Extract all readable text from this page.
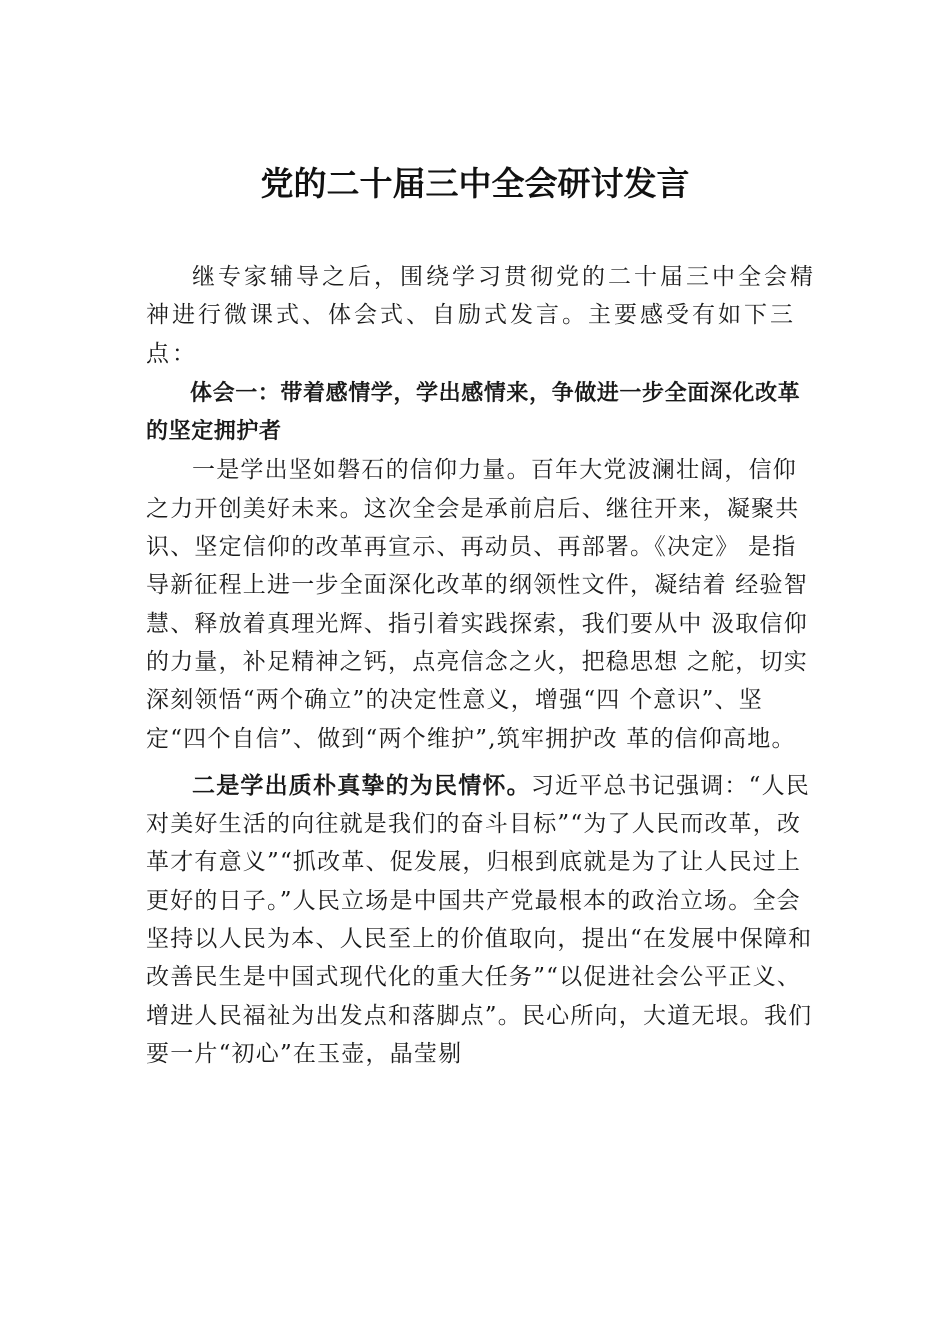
党的二十届三中全会研讨发言

继专家辅导之后，围绕学习贯彻党的二十届三中全会精 神进行微课式、体会式、自励式发言。主要感受有如下三点：

体会一：带着感情学，学出感情来，争做进一步全面深化改革的坚定拥护者

一是学出坚如磐石的信仰力量。百年大党波澜壮阔，信仰之力开创美好未来。这次全会是承前启后、继往开来，凝聚共识、坚定信仰的改革再宣示、再动员、再部署。《决定》 是指导新征程上进一步全面深化改革的纲领性文件，凝结着 经验智慧、释放着真理光辉、指引着实践探索，我们要从中 汲取信仰的力量，补足精神之钙，点亮信念之火，把稳思想 之舵，切实深刻领悟“两个确立”的决定性意义，增强“四 个意识”、坚定“四个自信”、做到“两个维护”,筑牢拥护改 革的信仰高地。

二是学出质朴真挚的为民情怀。习近平总书记强调：“人民对美好生活的向往就是我们的奋斗目标”“为了人民而改革，改革才有意义”“抓改革、促发展，归根到底就是为了让人民过上更好的日子。”人民立场是中国共产党最根本的政治立场。全会坚持以人民为本、人民至上的价值取向，提出“在发展中保障和改善民生是中国式现代化的重大任务”“以促进社会公平正义、增进人民福祉为出发点和落脚点”。民心所向，大道无垠。我们要一片“初心”在玉壶，晶莹剔
